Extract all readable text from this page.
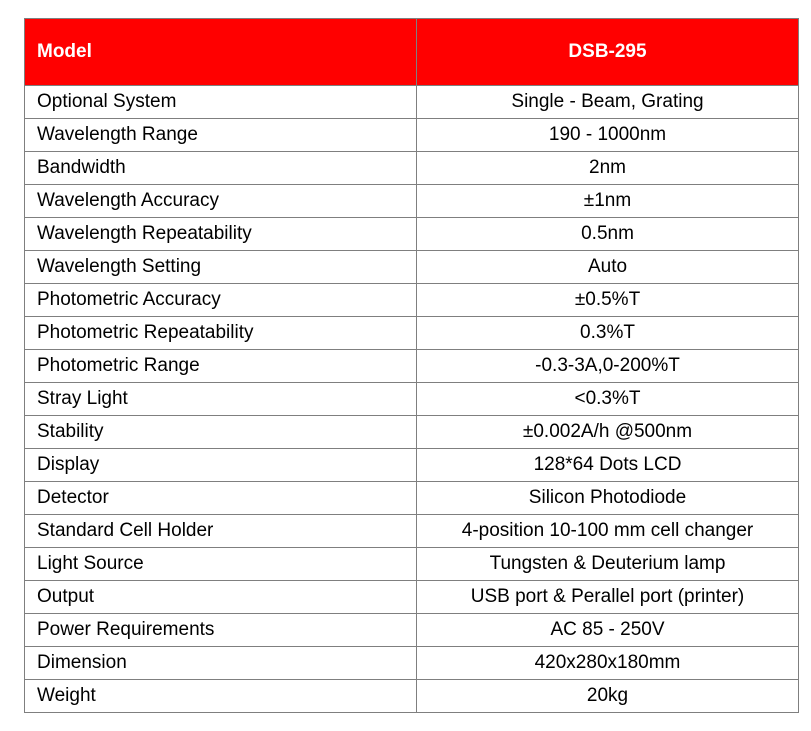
Model	DSB-295
Optional System	Single - Beam, Grating
Wavelength Range	190 - 1000nm
Bandwidth	2nm
Wavelength Accuracy	±1nm
Wavelength Repeatability	0.5nm
Wavelength Setting	Auto
Photometric Accuracy	±0.5%T
Photometric Repeatability	0.3%T
Photometric Range	-0.3-3A,0-200%T
Stray Light	<0.3%T
Stability	±0.002A/h @500nm
Display	128*64 Dots LCD
Detector	Silicon Photodiode
Standard Cell Holder	4-position 10-100 mm cell changer
Light Source	Tungsten & Deuterium lamp
Output	USB port & Perallel port (printer)
Power Requirements	AC 85 - 250V
Dimension	420x280x180mm
Weight	20kg
